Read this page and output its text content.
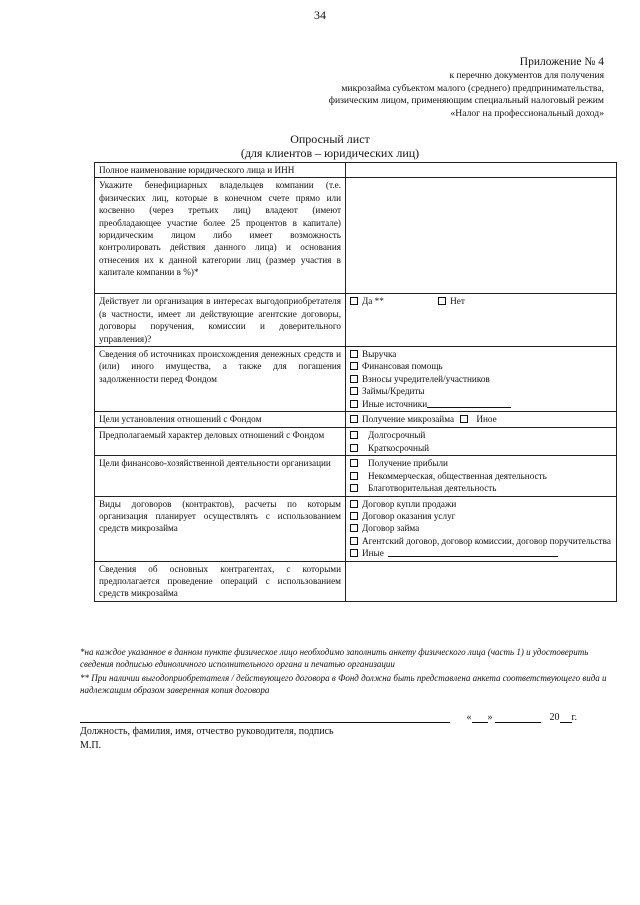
34
Приложение № 4
к перечню документов для получения
микрозайма субъектом малого (среднего) предпринимательства,
физическим лицом, применяющим специальный налоговый режим
«Налог на профессиональный доход»
Опросный лист
(для клиентов – юридических лиц)
Полное наименование юридического лица и ИНН	
Укажите бенефициарных владельцев компании (т.е. физических лиц, которые в конечном счете прямо или косвенно (через третьих лиц) владеют (имеют преобладающее участие более 25 процентов в капитале) юридическим лицом либо имеет возможность контролировать действия данного лица) и основания отнесения их к данной категории лиц (размер участия в капитале компании в %)*	
Действует ли организация в интересах выгодоприобретателя (в частности, имеет ли действующие агентские договоры, договоры поручения, комиссии и доверительного управления)?	Да **
Нет

Сведения об источниках происхождения денежных средств и (или) иного имущества, а также для погашения задолженности перед Фондом	Выручка
Финансовая помощь
Взносы учредителей/участников
Займы/Кредиты
Иные источники

Цели установления отношений с Фондом	Получение микрозайма
Иное

Предполагаемый характер деловых отношений с Фондом	Долгосрочный
Краткосрочный

Цели финансово-хозяйственной деятельности организации	Получение прибыли
Некоммерческая, общественная деятельность
Благотворительная деятельность

Виды договоров (контрактов), расчеты по которым организация планирует осуществлять с использованием средств микрозайма	Договор купли продажи
Договор оказания услуг
Договор займа
Агентский договор, договор комиссии, договор поручительства
Иные

Сведения об основных контрагентах, с которыми предполагается проведение операций с использованием средств микрозайма	
*на каждое указанное в данном пункте физическое лицо необходимо заполнить анкету физического лица (часть 1) и удостоверить сведения подписью единоличного исполнительного органа и печатью организации
** При наличии выгодоприобретателя / действующего договора в Фонд должна быть представлена анкета соответствующего вида и надлежащим образом заверенная копия договора
« »	20 г.
Должность, фамилия, имя, отчество руководителя, подпись
М.П.
